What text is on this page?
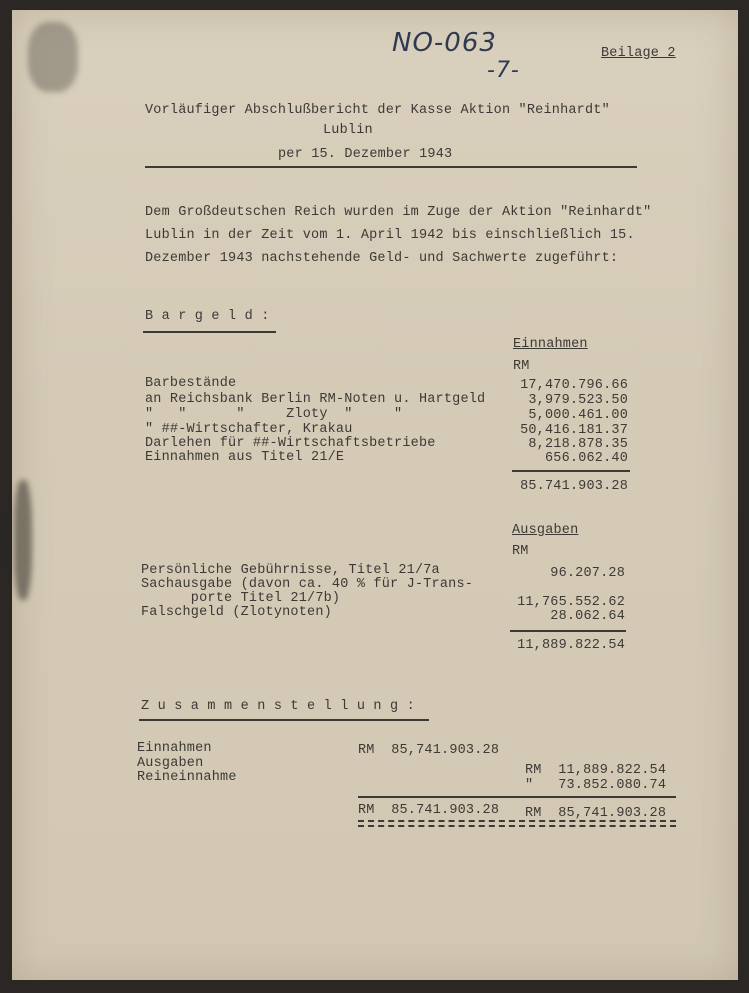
NO-063
-7-
Beilage 2
Vorläufiger Abschlußbericht der Kasse Aktion "Reinhardt"
Lublin
per 15. Dezember 1943
Dem Großdeutschen Reich wurden im Zuge der Aktion "Reinhardt"
Lublin in der Zeit vom 1. April 1942 bis einschließlich 15.
Dezember 1943 nachstehende Geld- und Sachwerte zugeführt:
B a r g e l d :
Einnahmen
RM
Barbestände
an Reichsbank Berlin RM-Noten u. Hartgeld
"   "      "     Zloty  "     "
" ##-Wirtschafter, Krakau
Darlehen für ##-Wirtschaftsbetriebe
Einnahmen aus Titel 21/E
17,470.796.66
3,979.523.50
5,000.461.00
50,416.181.37
8,218.878.35
656.062.40
85.741.903.28
Ausgaben
RM
Persönliche Gebührnisse, Titel 21/7a
Sachausgabe (davon ca. 40 % für J-Trans-
porte Titel 21/7b)
Falschgeld (Zlotynoten)
96.207.28
11,765.552.62
28.062.64
11,889.822.54
Z u s a m m e n s t e l l u n g :
Einnahmen
Ausgaben
Reineinnahme
RM  85,741.903.28
RM  11,889.822.54
"   73.852.080.74
RM  85.741.903.28 RM  85,741.903.28
